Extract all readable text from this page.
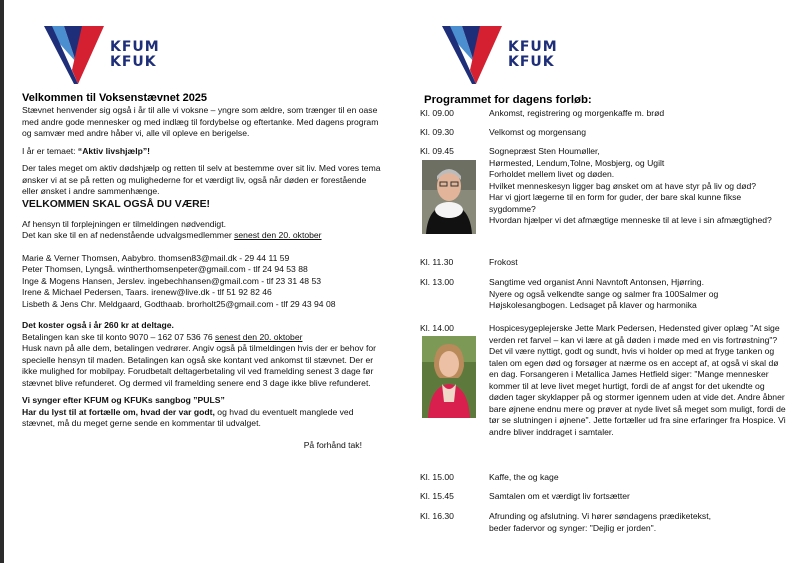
KFUM
KFUK
Velkommen til Voksenstævnet 2025

Stævnet henvender sig også i år til alle vi voksne – yngre som ældre, som trænger til en oase med andre gode mennesker og med indlæg til fordybelse og eftertanke. Med dagens program og samvær med andre håber vi, alle vil opleve en berigelse.

I år er temaet: “Aktiv livshjælp”!

Der tales meget om aktiv dødshjælp og retten til selv at bestemme over sit liv. Med vores tema ønsker vi at se på retten og mulighederne for et værdigt liv, også når døden er forestående eller ønsket i andre sammenhænge.

VELKOMMEN SKAL OGSÅ DU VÆRE!

Af hensyn til forplejningen er tilmeldingen nødvendigt.

Det kan ske til en af nedenstående udvalgsmedlemmer senest den 20. oktober

Marie & Verner Thomsen, Aabybro. thomsen83@mail.dk - 29 44 11 59

Peter Thomsen, Lyngså. wintherthomsenpeter@gmail.com - tlf 24 94 53 88

Inge & Mogens Hansen, Jerslev. ingebechhansen@gmail.com - tlf 23 31 48 53

Irene & Michael Pedersen, Taars. irenew@live.dk - tlf 51 92 82 46

Lisbeth & Jens Chr. Meldgaard, Godthaab. brorholt25@gmail.com - tlf 29 43 94 08

Det koster også i år 260 kr at deltage.

Betalingen kan ske til konto 9070 – 162 07 536 76 senest den 20. oktober

Husk navn på alle dem, betalingen vedrører. Angiv også på tilmeldingen hvis der er behov for specielle hensyn til maden. Betalingen kan også ske kontant ved ankomst til stævnet. Der er ikke mulighed for mobilpay. Forudbetalt deltagerbetaling vil ved framelding senest 3 dage før stævnet blive refunderet. Og dermed vil framelding senere end 3 dage ikke blive refunderet.

Vi synger efter KFUM og KFUKs sangbog ”PULS”

Har du lyst til at fortælle om, hvad der var godt, og hvad du eventuelt manglede ved stævnet, må du meget gerne sende en kommentar til udvalget.

På forhånd tak!

KFUM
KFUK
Programmet for dagens forløb:
Kl. 09.00	Ankomst, registrering og morgenkaffe m. brød
Kl. 09.30	Velkomst og morgensang
Kl. 09.45	Sognepræst Sten Houmøller,
Hørmested, Lendum,Tolne, Mosbjerg, og Ugilt
Forholdet mellem livet og døden.
Hvilket menneskesyn ligger bag ønsket om at have styr på liv og død?
Har vi gjort lægerne til en form for guder, der bare skal kunne fikse sygdomme?
Hvordan hjælper vi det afmægtige menneske til at leve i sin afmægtighed?
Kl. 11.30	Frokost
Kl. 13.00	Sangtime ved organist Anni Navntoft Antonsen, Hjørring.
Nyere og også velkendte sange og salmer fra 100Salmer og Højskolesangbogen. Ledsaget på klaver og harmonika
Kl. 14.00	Hospicesygeplejerske Jette Mark Pedersen, Hedensted giver oplæg "At sige verden ret farvel – kan vi lære at gå døden i møde med en vis fortrøstning"? Det vil være nyttigt, godt og sundt, hvis vi holder op med at fryge tanken og talen om egen død og forsøger at nærme os en accept af, at også vi skal dø en dag. Forsangeren i Metallica James Hetfield siger: "Mange mennesker kommer til at leve livet meget hurtigt, fordi de af angst for det ukendte og døden tager skyklapper på og stormer igennem uden at vide det. Andre åbner bare øjnene endnu mere og prøver at nyde livet så meget som muligt, fordi de tør se slutningen i øjnene". Jette fortæller ud fra sine erfaringer fra Hospice. Vi andre bliver inddraget i samtaler.
Kl. 15.00	Kaffe, the og kage
Kl. 15.45	Samtalen om et værdigt liv fortsætter
Kl. 16.30	Afrunding og afslutning. Vi hører søndagens prædiketekst,
beder fadervor og synger: "Dejlig er jorden".
